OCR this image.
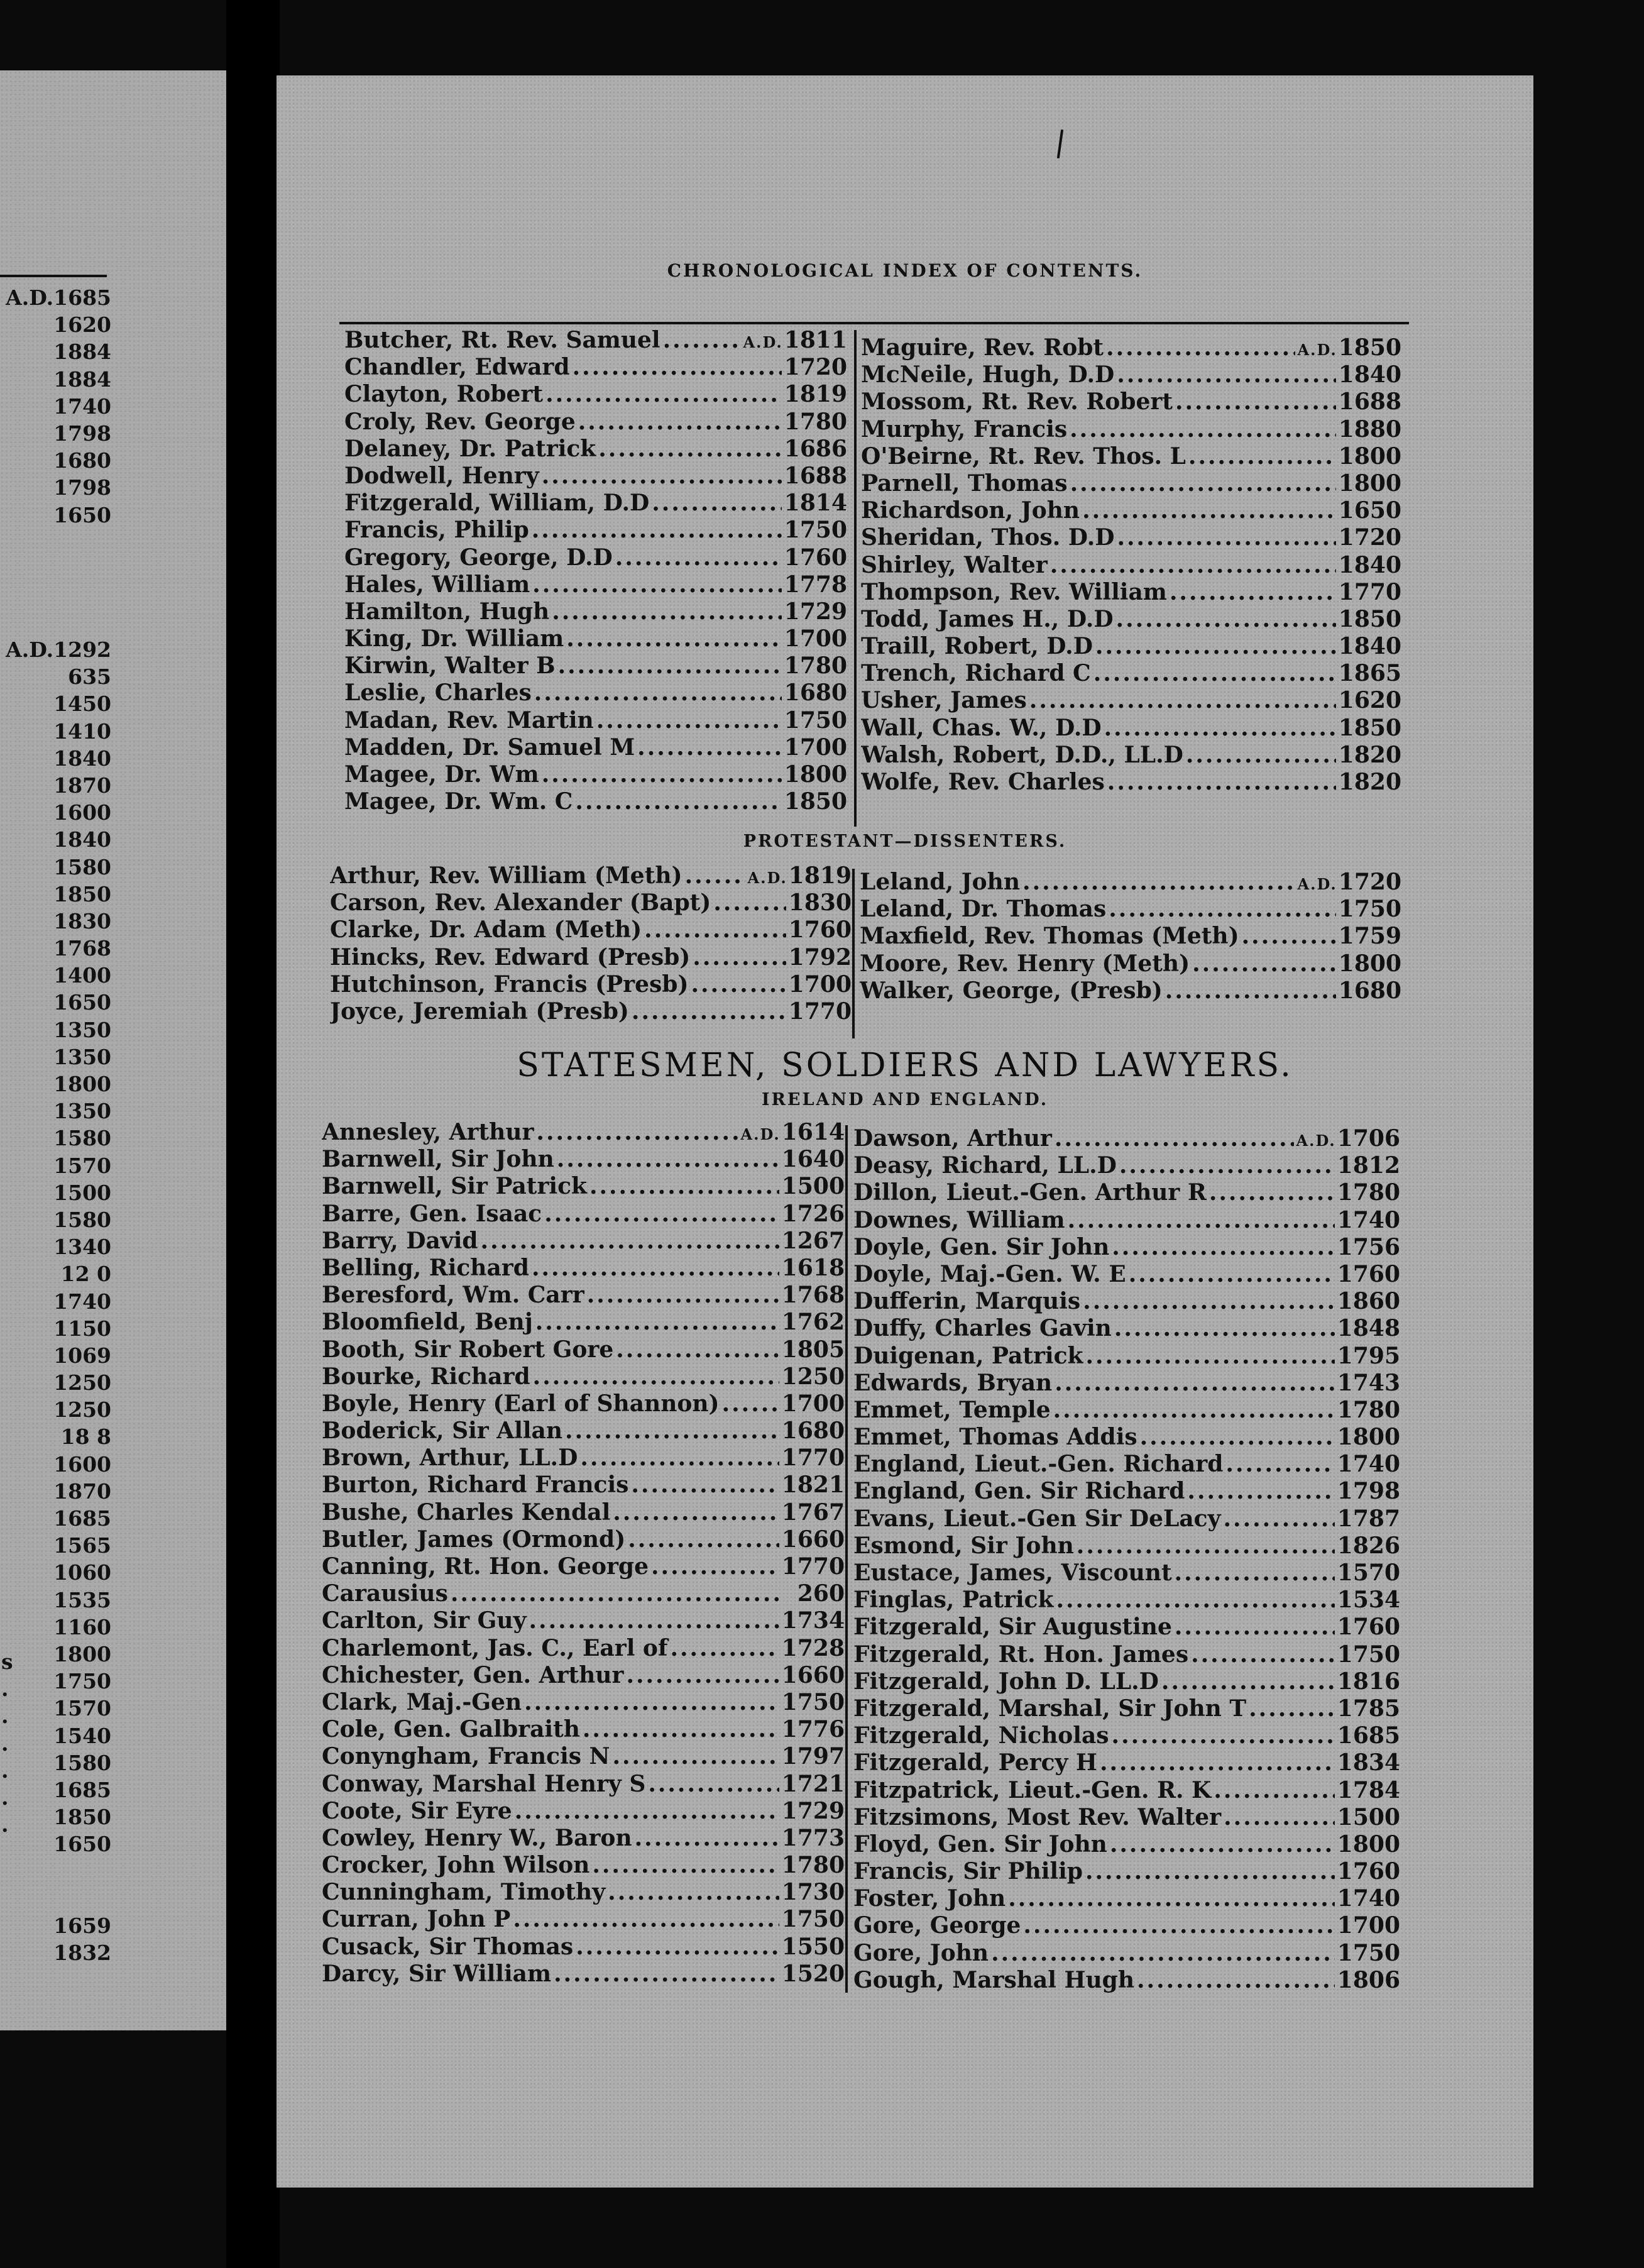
A.D.1685
1620
1884
1884
1740
1798
1680
1798
1650
A.D.1292
635
1450
1410
1840
1870
1600
1840
1580
1850
1830
1768
1400
1650
1350
1350
1800
1350
1580
1570
1500
1580
1340
12 0
1740
1150
1069
1250
1250
18 8
1600
1870
1685
1565
1060
1535
1160
1800
1750
1570
1540
1580
1685
1850
1650
1659
1832
s
.
.
.
.
.
.
CHRONOLOGICAL INDEX OF CONTENTS.
Butcher, Rt. Rev. Samuel .....	A.D. 1811
Chandler, Edward .....	1720
Clayton, Robert .....	1819
Croly, Rev. George .....	1780
Delaney, Dr. Patrick .....	1686
Dodwell, Henry .....	1688
Fitzgerald, William, D.D .....	1814
Francis, Philip .....	1750
Gregory, George, D.D .....	1760
Hales, William .....	1778
Hamilton, Hugh .....	1729
King, Dr. William .....	1700
Kirwin, Walter B .....	1780
Leslie, Charles .....	1680
Madan, Rev. Martin .....	1750
Madden, Dr. Samuel M .....	1700
Magee, Dr. Wm .....	1800
Magee, Dr. Wm. C .....	1850
Maguire, Rev. Robt .....	A.D. 1850
McNeile, Hugh, D.D .....	1840
Mossom, Rt. Rev. Robert .....	1688
Murphy, Francis .....	1880
O'Beirne, Rt. Rev. Thos. L .....	1800
Parnell, Thomas .....	1800
Richardson, John .....	1650
Sheridan, Thos. D.D .....	1720
Shirley, Walter .....	1840
Thompson, Rev. William .....	1770
Todd, James H., D.D .....	1850
Traill, Robert, D.D .....	1840
Trench, Richard C .....	1865
Usher, James .....	1620
Wall, Chas. W., D.D .....	1850
Walsh, Robert, D.D., LL.D .....	1820
Wolfe, Rev. Charles .....	1820
PROTESTANT—DISSENTERS.
Arthur, Rev. William (Meth) .....	A.D. 1819
Carson, Rev. Alexander (Bapt) .....	1830
Clarke, Dr. Adam (Meth) .....	1760
Hincks, Rev. Edward (Presb) .....	1792
Hutchinson, Francis (Presb) .....	1700
Joyce, Jeremiah (Presb) .....	1770
Leland, John .....	A.D. 1720
Leland, Dr. Thomas .....	1750
Maxfield, Rev. Thomas (Meth) .....	1759
Moore, Rev. Henry (Meth) .....	1800
Walker, George, (Presb) .....	1680
STATESMEN, SOLDIERS AND LAWYERS.
IRELAND AND ENGLAND.
Annesley, Arthur .....	A.D. 1614
Barnwell, Sir John .....	1640
Barnwell, Sir Patrick .....	1500
Barre, Gen. Isaac .....	1726
Barry, David .....	1267
Belling, Richard .....	1618
Beresford, Wm. Carr .....	1768
Bloomfield, Benj .....	1762
Booth, Sir Robert Gore .....	1805
Bourke, Richard .....	1250
Boyle, Henry (Earl of Shannon) .....	1700
Boderick, Sir Allan .....	1680
Brown, Arthur, LL.D .....	1770
Burton, Richard Francis .....	1821
Bushe, Charles Kendal .....	1767
Butler, James (Ormond) .....	1660
Canning, Rt. Hon. George .....	1770
Carausius .....	260
Carlton, Sir Guy .....	1734
Charlemont, Jas. C., Earl of .....	1728
Chichester, Gen. Arthur .....	1660
Clark, Maj.-Gen .....	1750
Cole, Gen. Galbraith .....	1776
Conyngham, Francis N .....	1797
Conway, Marshal Henry S .....	1721
Coote, Sir Eyre .....	1729
Cowley, Henry W., Baron .....	1773
Crocker, John Wilson .....	1780
Cunningham, Timothy .....	1730
Curran, John P .....	1750
Cusack, Sir Thomas .....	1550
Darcy, Sir William .....	1520
Dawson, Arthur .....	A.D. 1706
Deasy, Richard, LL.D .....	1812
Dillon, Lieut.-Gen. Arthur R .....	1780
Downes, William .....	1740
Doyle, Gen. Sir John .....	1756
Doyle, Maj.-Gen. W. E .....	1760
Dufferin, Marquis .....	1860
Duffy, Charles Gavin .....	1848
Duigenan, Patrick .....	1795
Edwards, Bryan .....	1743
Emmet, Temple .....	1780
Emmet, Thomas Addis .....	1800
England, Lieut.-Gen. Richard .....	1740
England, Gen. Sir Richard .....	1798
Evans, Lieut.-Gen Sir DeLacy .....	1787
Esmond, Sir John .....	1826
Eustace, James, Viscount .....	1570
Finglas, Patrick .....	1534
Fitzgerald, Sir Augustine .....	1760
Fitzgerald, Rt. Hon. James .....	1750
Fitzgerald, John D. LL.D .....	1816
Fitzgerald, Marshal, Sir John T .....	1785
Fitzgerald, Nicholas .....	1685
Fitzgerald, Percy H .....	1834
Fitzpatrick, Lieut.-Gen. R. K .....	1784
Fitzsimons, Most Rev. Walter .....	1500
Floyd, Gen. Sir John .....	1800
Francis, Sir Philip .....	1760
Foster, John .....	1740
Gore, George .....	1700
Gore, John .....	1750
Gough, Marshal Hugh .....	1806
